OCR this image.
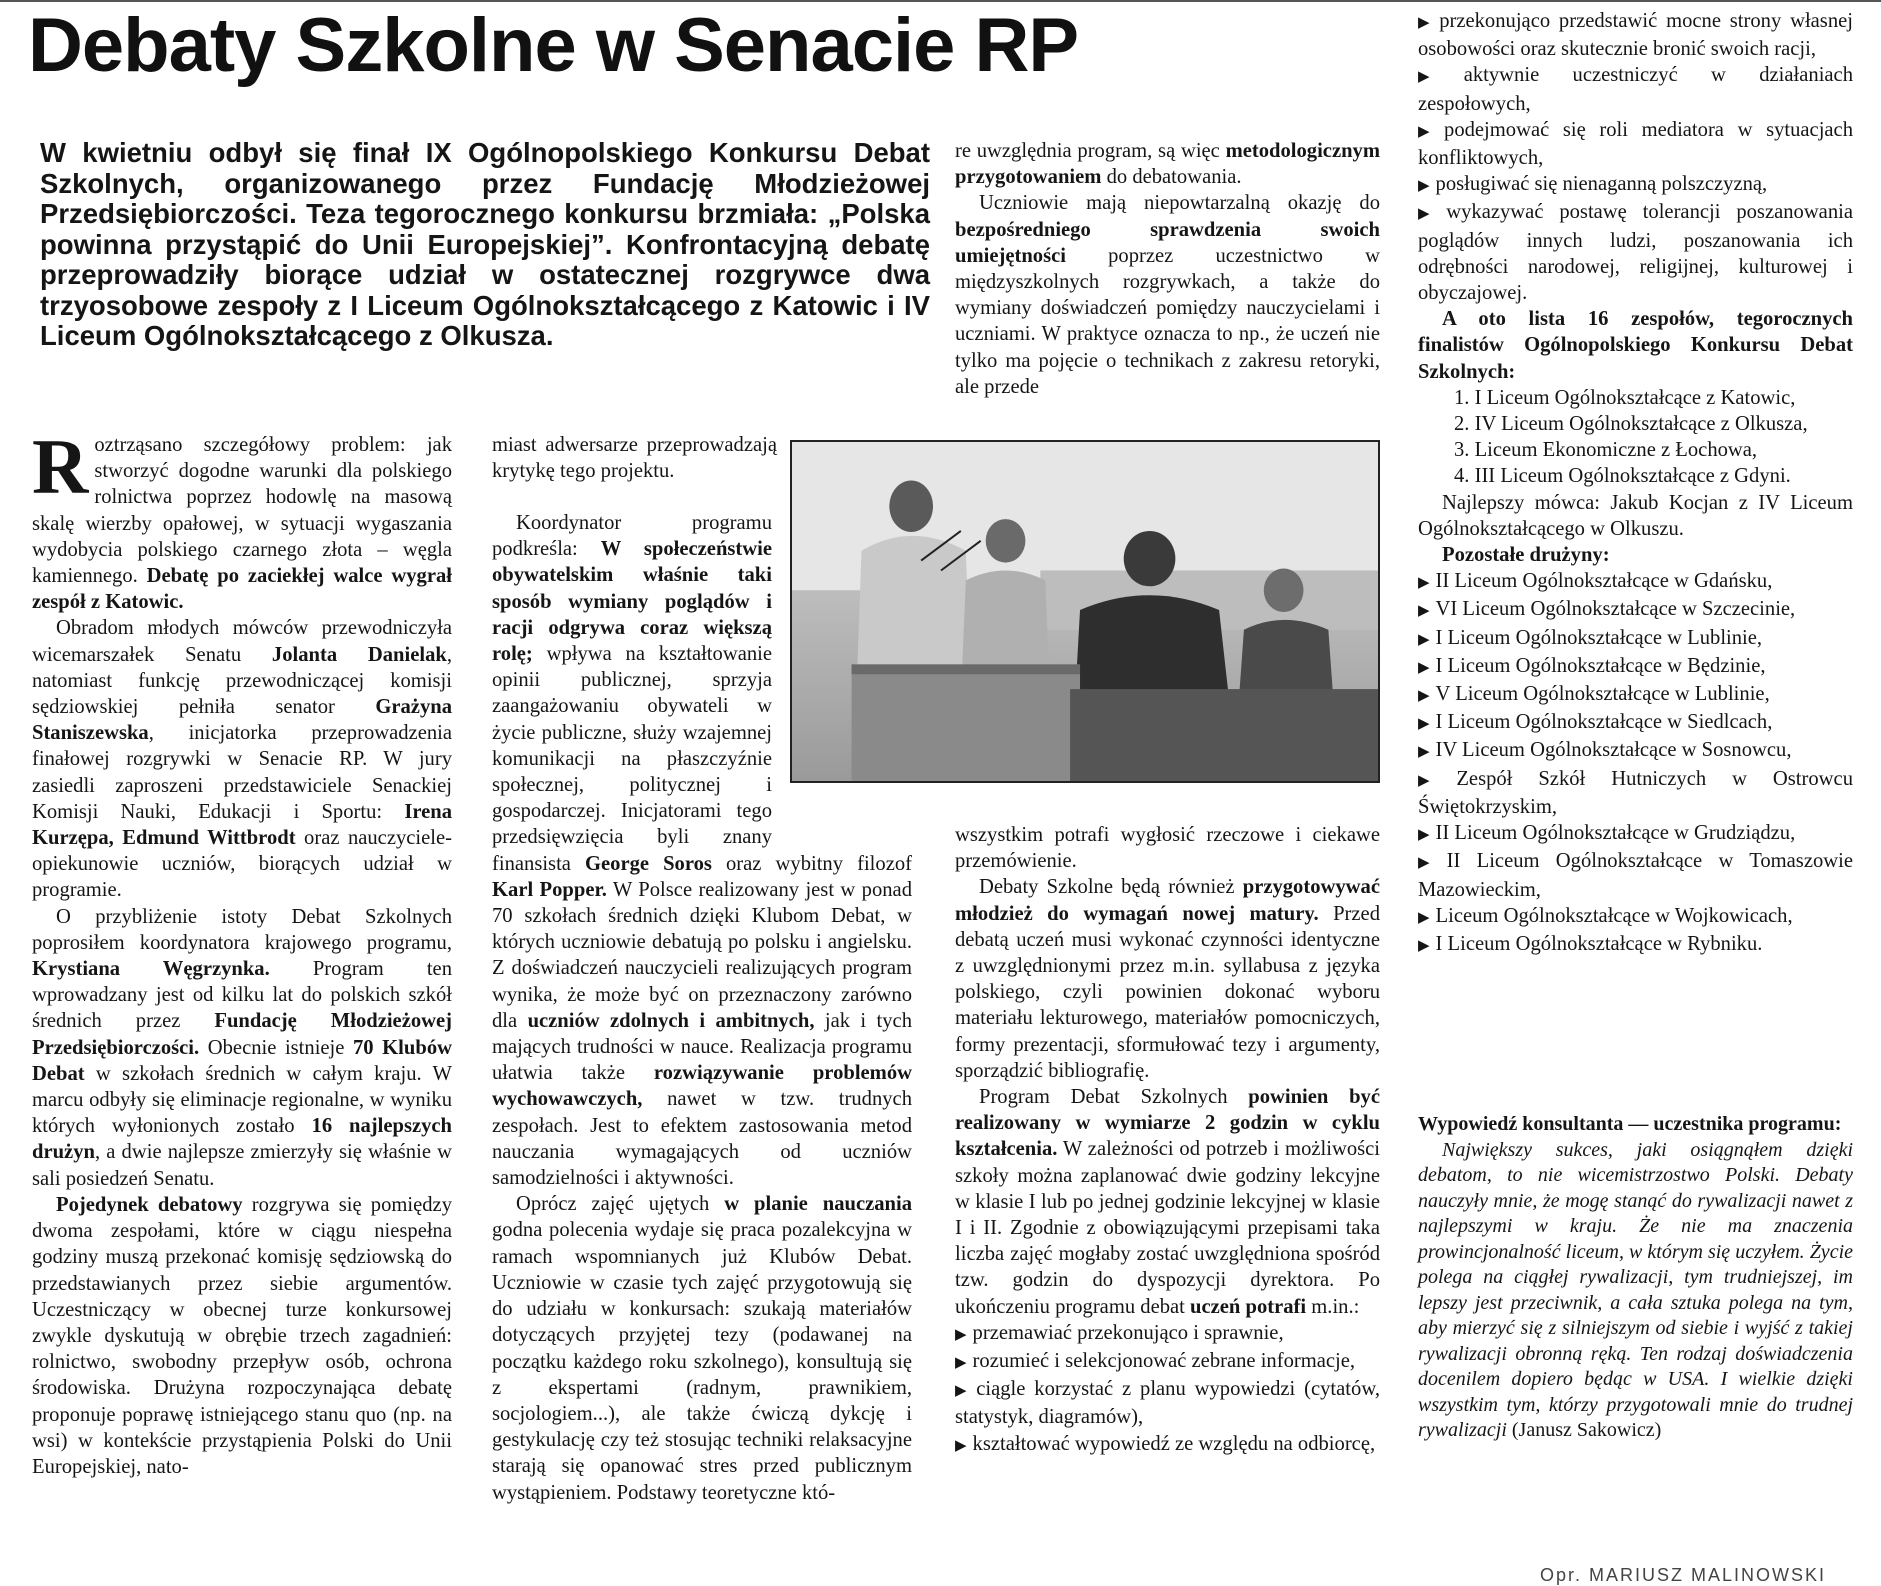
Debaty Szkolne w Senacie RP

W kwietniu odbył się finał IX Ogólnopolskiego Konkursu Debat Szkolnych, organizowanego przez Fundację Młodzieżowej Przedsiębiorczości. Teza tegorocznego konkursu brzmiała: „Polska powinna przystąpić do Unii Europejskiej”. Konfrontacyjną debatę przeprowadziły biorące udział w ostatecznej rozgrywce dwa trzyosobowe zespoły z I Liceum Ogólnokształcącego z Katowic i IV Liceum Ogólnokształcącego z Olkusza.

Roztrząsano szczegółowy problem: jak stworzyć dogodne warunki dla polskiego rolnictwa poprzez hodowlę na masową skalę wierzby opałowej, w sytuacji wygaszania wydobycia polskiego czarnego złota – węgla kamiennego. Debatę po zaciekłej walce wygrał zespół z Katowic.

Obradom młodych mówców przewodniczyła wicemarszałek Senatu Jolanta Danielak, natomiast funkcję przewodniczącej komisji sędziowskiej pełniła senator Grażyna Staniszewska, inicjatorka przeprowadzenia finałowej rozgrywki w Senacie RP. W jury zasiedli zaproszeni przedstawiciele Senackiej Komisji Nauki, Edukacji i Sportu: Irena Kurzępa, Edmund Wittbrodt oraz nauczyciele-opiekunowie uczniów, biorących udział w programie.

O przybliżenie istoty Debat Szkolnych poprosiłem koordynatora krajowego programu, Krystiana Węgrzynka. Program ten wprowadzany jest od kilku lat do polskich szkół średnich przez Fundację Młodzieżowej Przedsiębiorczości. Obecnie istnieje 70 Klubów Debat w szkołach średnich w całym kraju. W marcu odbyły się eliminacje regionalne, w wyniku których wyłonionych zostało 16 najlepszych drużyn, a dwie najlepsze zmierzyły się właśnie w sali posiedzeń Senatu.

Pojedynek debatowy rozgrywa się pomiędzy dwoma zespołami, które w ciągu niespełna godziny muszą przekonać komisję sędziowską do przedstawianych przez siebie argumentów. Uczestniczący w obecnej turze konkursowej zwykle dyskutują w obrębie trzech zagadnień: rolnictwo, swobodny przepływ osób, ochrona środowiska. Drużyna rozpoczynająca debatę proponuje poprawę istniejącego stanu quo (np. na wsi) w kontekście przystąpienia Polski do Unii Europejskiej, nato-

miast adwersarze przeprowadzają krytykę tego projektu.

Koordynator programu podkreśla: W społeczeństwie obywatelskim właśnie taki sposób wymiany poglądów i racji odgrywa coraz większą rolę; wpływa na kształtowanie opinii publicznej, sprzyja zaangażowaniu obywateli w życie publiczne, służy wzajemnej komunikacji na płaszczyźnie społecznej, politycznej i gospodarczej. Inicjatorami tego przedsięwzięcia byli znany finansista George Soros oraz wybitny filozof Karl Popper. W Polsce realizowany jest w ponad 70 szkołach średnich dzięki Klubom Debat, w których uczniowie debatują po polsku i angielsku. Z doświadczeń nauczycieli realizujących program wynika, że może być on przeznaczony zarówno dla uczniów zdolnych i ambitnych, jak i tych mających trudności w nauce. Realizacja programu ułatwia także rozwiązywanie problemów wychowawczych, nawet w tzw. trudnych zespołach. Jest to efektem zastosowania metod nauczania wymagających od uczniów samodzielności i aktywności.

Oprócz zajęć ujętych w planie nauczania godna polecenia wydaje się praca pozalekcyjna w ramach wspomnianych już Klubów Debat. Uczniowie w czasie tych zajęć przygotowują się do udziału w konkursach: szukają materiałów dotyczących przyjętej tezy (podawanej na początku każdego roku szkolnego), konsultują się z ekspertami (radnym, prawnikiem, socjologiem...), ale także ćwiczą dykcję i gestykulację czy też stosując techniki relaksacyjne starają się opanować stres przed publicznym wystąpieniem. Podstawy teoretyczne któ-

re uwzględnia program, są więc metodologicznym przygotowaniem do debatowania.

Uczniowie mają niepowtarzalną okazję do bezpośredniego sprawdzenia swoich umiejętności poprzez uczestnictwo w międzyszkolnych rozgrywkach, a także do wymiany doświadczeń pomiędzy nauczycielami i uczniami. W praktyce oznacza to np., że uczeń nie tylko ma pojęcie o technikach z zakresu retoryki, ale przede

wszystkim potrafi wygłosić rzeczowe i ciekawe przemówienie.

Debaty Szkolne będą również przygotowywać młodzież do wymagań nowej matury. Przed debatą uczeń musi wykonać czynności identyczne z uwzględnionymi przez m.in. syllabusa z języka polskiego, czyli powinien dokonać wyboru materiału lekturowego, materiałów pomocniczych, formy prezentacji, sformułować tezy i argumenty, sporządzić bibliografię.

Program Debat Szkolnych powinien być realizowany w wymiarze 2 godzin w cyklu kształcenia. W zależności od potrzeb i możliwości szkoły można zaplanować dwie godziny lekcyjne w klasie I lub po jednej godzinie lekcyjnej w klasie I i II. Zgodnie z obowiązującymi przepisami taka liczba zajęć mogłaby zostać uwzględniona spośród tzw. godzin do dyspozycji dyrektora. Po ukończeniu programu debat uczeń potrafi m.in.:

▶ przemawiać przekonująco i sprawnie,
▶ rozumieć i selekcjonować zebrane informacje,
▶ ciągle korzystać z planu wypowiedzi (cytatów, statystyk, diagramów),
▶ kształtować wypowiedź ze względu na odbiorcę,
▶ przekonująco przedstawić mocne strony własnej osobowości oraz skutecznie bronić swoich racji,
▶ aktywnie uczestniczyć w działaniach zespołowych,
▶ podejmować się roli mediatora w sytuacjach konfliktowych,
▶ posługiwać się nienaganną polszczyzną,
▶ wykazywać postawę tolerancji poszanowania poglądów innych ludzi, poszanowania ich odrębności narodowej, religijnej, kulturowej i obyczajowej.

A oto lista 16 zespołów, tegorocznych finalistów Ogólnopolskiego Konkursu Debat Szkolnych:

1. I Liceum Ogólnokształcące z Katowic,
2. IV Liceum Ogólnokształcące z Olkusza,
3. Liceum Ekonomiczne z Łochowa,
4. III Liceum Ogólnokształcące z Gdyni.

Najlepszy mówca: Jakub Kocjan z IV Liceum Ogólnokształcącego w Olkuszu.

Pozostałe drużyny:

▶ II Liceum Ogólnokształcące w Gdańsku,
▶ VI Liceum Ogólnokształcące w Szczecinie,
▶ I Liceum Ogólnokształcące w Lublinie,
▶ I Liceum Ogólnokształcące w Będzinie,
▶ V Liceum Ogólnokształcące w Lublinie,
▶ I Liceum Ogólnokształcące w Siedlcach,
▶ IV Liceum Ogólnokształcące w Sosnowcu,
▶ Zespół Szkół Hutniczych w Ostrowcu Świętokrzyskim,
▶ II Liceum Ogólnokształcące w Grudziądzu,
▶ II Liceum Ogólnokształcące w Tomaszowie Mazowieckim,
▶ Liceum Ogólnokształcące w Wojkowicach,
▶ I Liceum Ogólnokształcące w Rybniku.

Wypowiedź konsultanta — uczestnika programu:

Największy sukces, jaki osiągnąłem dzięki debatom, to nie wicemistrzostwo Polski. Debaty nauczyły mnie, że mogę stanąć do rywalizacji nawet z najlepszymi w kraju. Że nie ma znaczenia prowincjonalność liceum, w którym się uczyłem. Życie polega na ciągłej rywalizacji, tym trudniejszej, im lepszy jest przeciwnik, a cała sztuka polega na tym, aby mierzyć się z silniejszym od siebie i wyjść z takiej rywalizacji obronną ręką. Ten rodzaj doświadczenia docenilem dopiero będąc w USA. I wielkie dzięki wszystkim tym, którzy przygotowali mnie do trudnej rywalizacji (Janusz Sakowicz)

Opr. MARIUSZ MALINOWSKI
